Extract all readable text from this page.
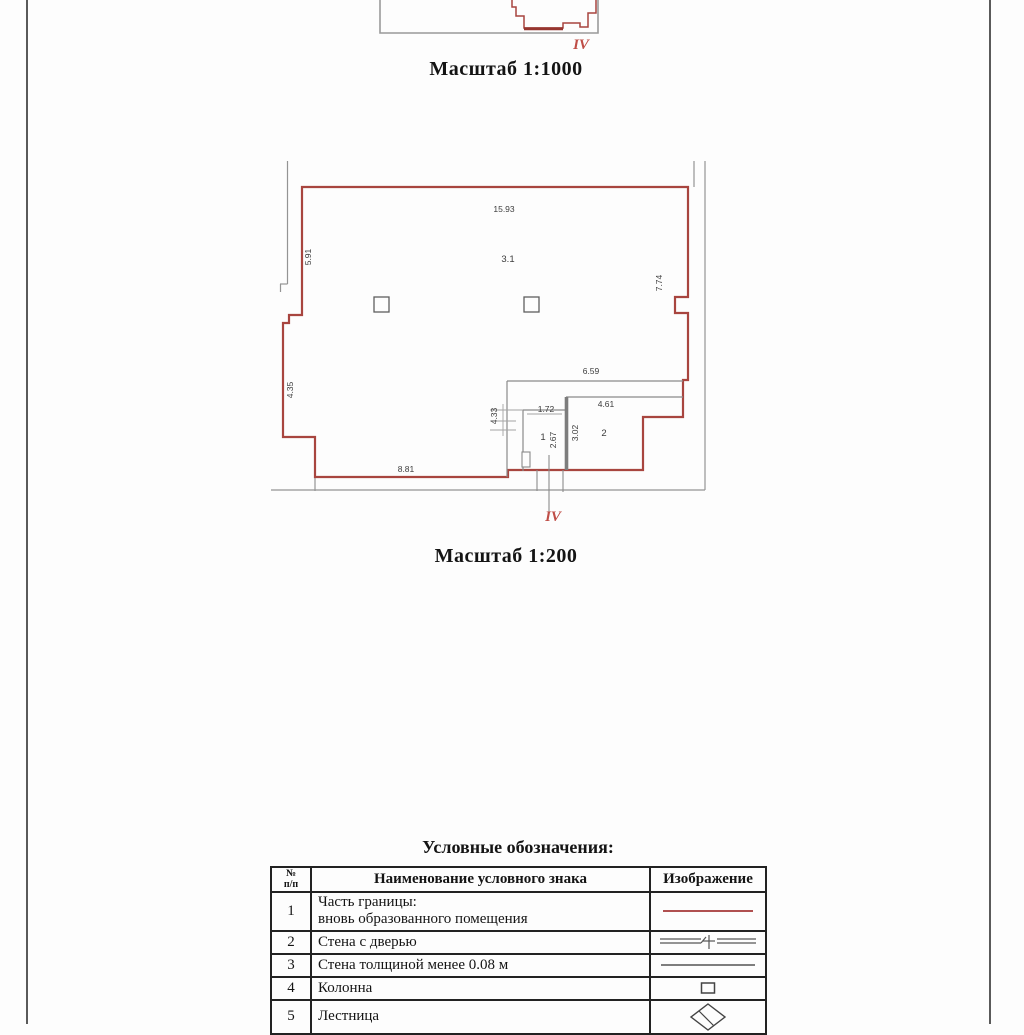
IV
15.93
5.91
7.74
4.35
6.59
4.61
1.72
4.33
2.67 3.02
8.81
3.1
1	2
IV
Масштаб 1:1000
Масштаб 1:200
Условные обозначения:
№
п/п	Наименование условного знака	Изображение
1	Часть границы:
вновь образованного помещения

2	Стена с дверью	
3	Стена толщиной менее 0.08 м	
4	Колонна	
5	Лестница	
